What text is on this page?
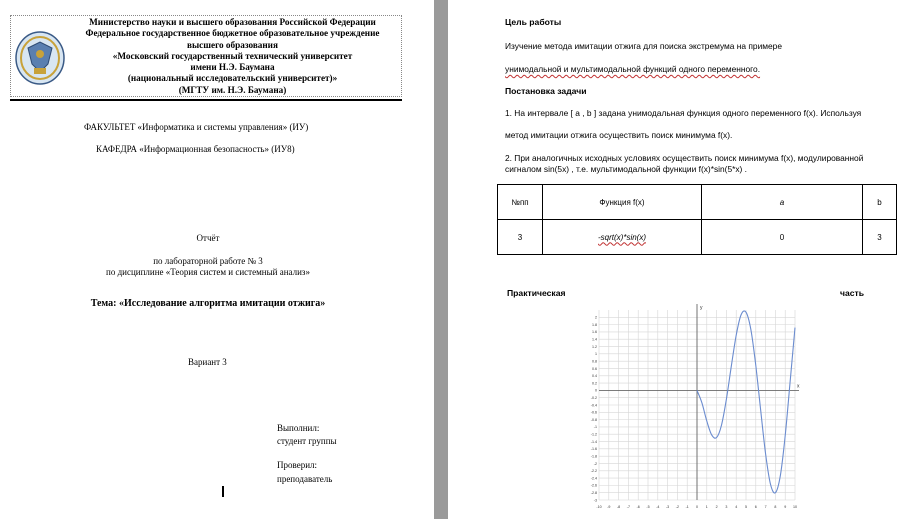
Министерство науки и высшего образования Российской Федерации
Федеральное государственное бюджетное образовательное учреждение
высшего образования
«Московский государственный технический университет
имени Н.Э. Баумана
(национальный исследовательский университет)»
(МГТУ им. Н.Э. Баумана)
ФАКУЛЬТЕТ «Информатика и системы управления» (ИУ)
КАФЕДРА «Информационная безопасность» (ИУ8)
Отчёт
по лабораторной работе № 3
по дисциплине «Теория систем и системный анализ»
Тема: «Исследование алгоритма имитации отжига»
Вариант 3
Выполнил:
студент группы
Проверил:
преподаватель
Цель работы
Изучение метода имитации отжига для поиска экстремума на примере
унимодальной и мультимодальной функций одного переменного.
Постановка задачи
1. На интервале [ a , b ] задана унимодальная функция одного переменного f(x). Используя
метод имитации отжига осуществить поиск минимума f(x).
2. При аналогичных исходных условиях осуществить поиск минимума f(x), модулированной
сигналом sin(5x) , т.е. мультимодальной функции f(x)*sin(5*x) .
№пп	Функция f(x)	a	b
3	-sqrt(x)*sin(x)	0	3
Практическая	часть
x
y
-10 -9 -8 -7 -6 -5 -4 -3 -2 -1 0 1 2 3 4 5 6 7 8 9 10
-3
-2.8
-2.6
-2.4
-2.2
-2
-1.8
-1.6
-1.4
-1.2
-1
-0.8
-0.6
-0.4
-0.2
0
0.2
0.4
0.6
0.8
1
1.2
1.4
1.6
1.8
2
